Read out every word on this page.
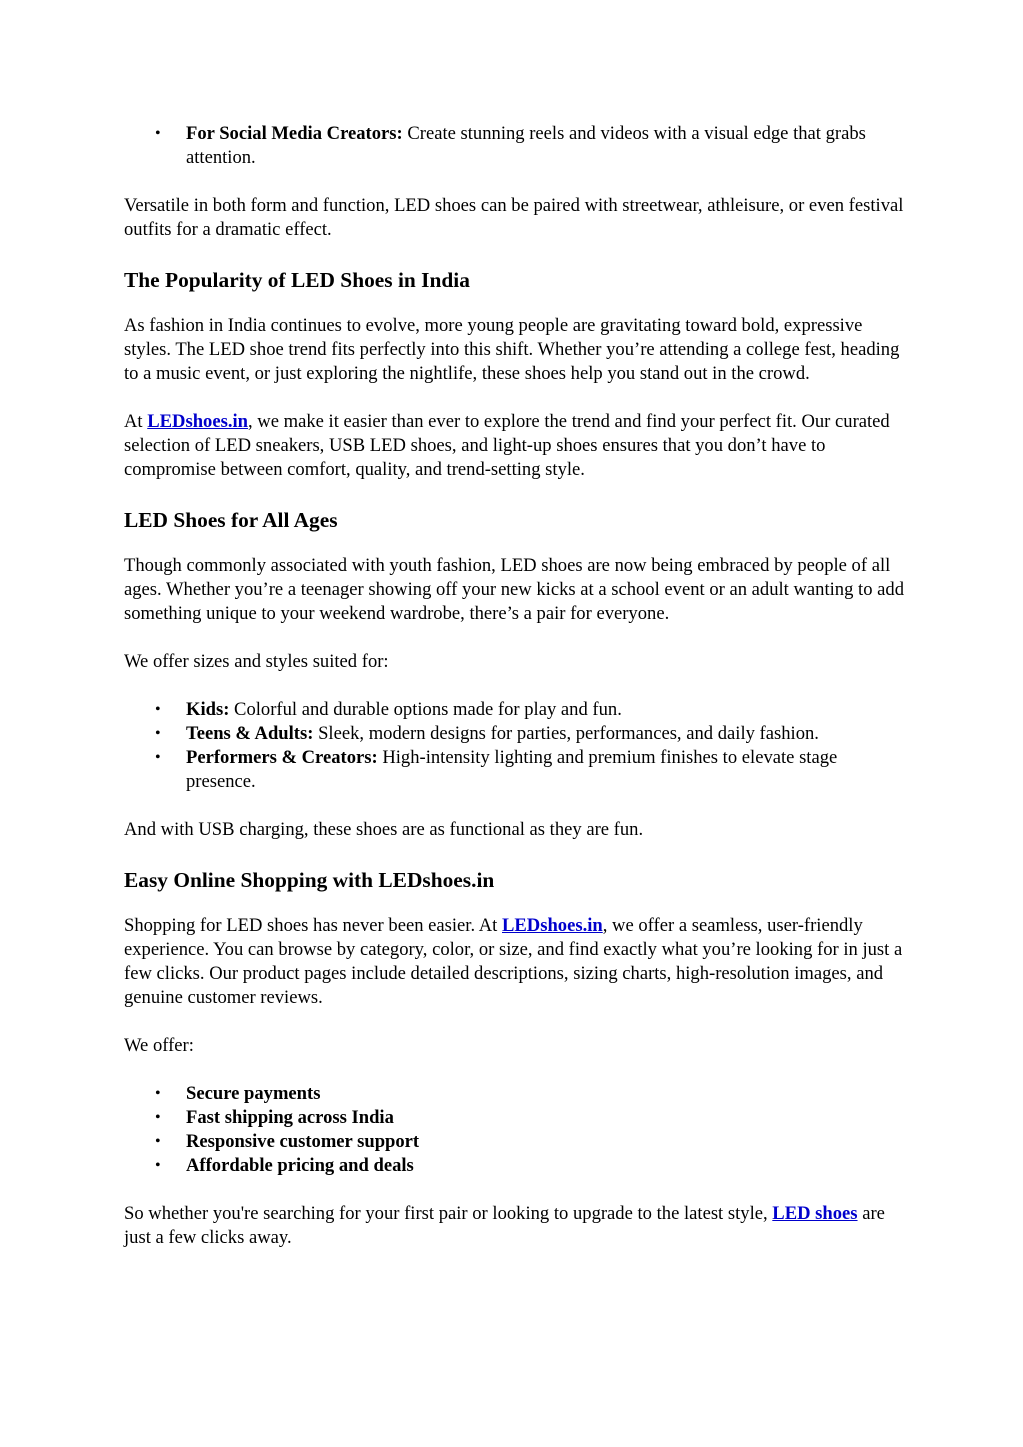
• For Social Media Creators: Create stunning reels and videos with a visual edge that grabs attention.

Versatile in both form and function, LED shoes can be paired with streetwear, athleisure, or even festival outfits for a dramatic effect.

The Popularity of LED Shoes in India

As fashion in India continues to evolve, more young people are gravitating toward bold, expressive styles. The LED shoe trend fits perfectly into this shift. Whether you’re attending a college fest, heading to a music event, or just exploring the nightlife, these shoes help you stand out in the crowd.

At LEDshoes.in, we make it easier than ever to explore the trend and find your perfect fit. Our curated selection of LED sneakers, USB LED shoes, and light-up shoes ensures that you don’t have to compromise between comfort, quality, and trend-setting style.

LED Shoes for All Ages

Though commonly associated with youth fashion, LED shoes are now being embraced by people of all ages. Whether you’re a teenager showing off your new kicks at a school event or an adult wanting to add something unique to your weekend wardrobe, there’s a pair for everyone.

We offer sizes and styles suited for:

• Kids: Colorful and durable options made for play and fun.
• Teens & Adults: Sleek, modern designs for parties, performances, and daily fashion.
• Performers & Creators: High-intensity lighting and premium finishes to elevate stage presence.

And with USB charging, these shoes are as functional as they are fun.

Easy Online Shopping with LEDshoes.in

Shopping for LED shoes has never been easier. At LEDshoes.in, we offer a seamless, user-friendly experience. You can browse by category, color, or size, and find exactly what you’re looking for in just a few clicks. Our product pages include detailed descriptions, sizing charts, high-resolution images, and genuine customer reviews.

We offer:

• Secure payments
• Fast shipping across India
• Responsive customer support
• Affordable pricing and deals

So whether you're searching for your first pair or looking to upgrade to the latest style, LED shoes are just a few clicks away.
